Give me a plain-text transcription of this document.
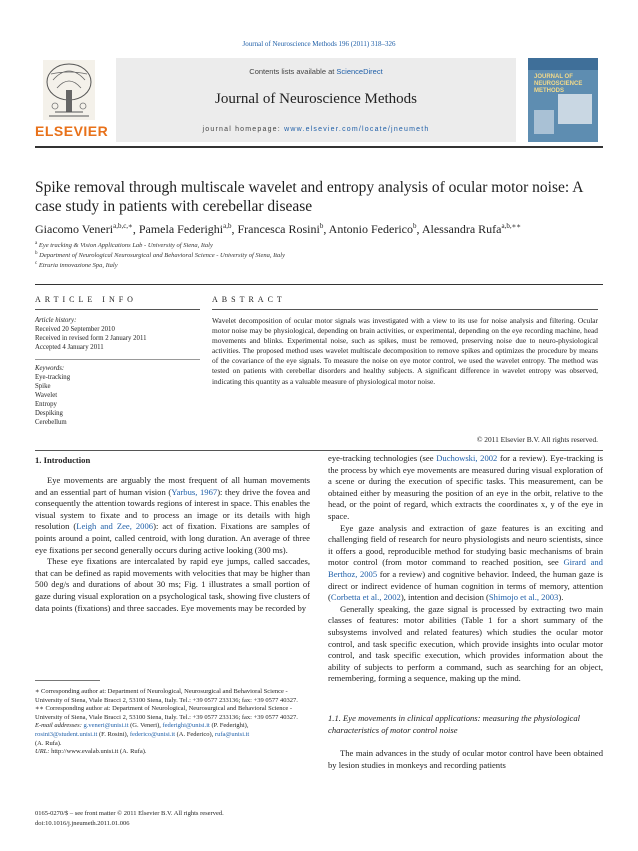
Journal of Neuroscience Methods 196 (2011) 318–326
ELSEVIER
Contents lists available at ScienceDirect
Journal of Neuroscience Methods
journal homepage: www.elsevier.com/locate/jneumeth
JOURNAL OF NEUROSCIENCE METHODS
Spike removal through multiscale wavelet and entropy analysis of ocular motor noise: A case study in patients with cerebellar disease
Giacomo Veneri$^{a,b,c,∗}$, Pamela Federighi$^{a,b}$, Francesca Rosini$^b$, Antonio Federico$^b$, Alessandra Rufa$^{a,b,∗∗}$
$^a$ Eye tracking & Vision Applications Lab - University of Siena, Italy
$^b$ Department of Neurological Neurosurgical and Behavioral Science - University of Siena, Italy
$^c$ Etruria innovazione Spa, Italy
ARTICLE INFO	ABSTRACT
Article history:
Received 20 September 2010
Received in revised form 2 January 2011
Accepted 4 January 2011
Keywords:
Eye-tracking
Spike
Wavelet
Entropy
Despiking
Cerebellum
Wavelet decomposition of ocular motor signals was investigated with a view to its use for noise analysis and filtering. Ocular motor noise may be physiological, depending on brain activities, or experimental, depending on the eye recording machine, head movements and blinks. Experimental noise, such as spikes, must be removed, preserving noise due to neuro-physiological activities. The proposed method uses wavelet multiscale decomposition to remove spikes and optimizes the procedure by means of the covariance of the eye signals. To measure the noise on eye motor control, we used the wavelet entropy. The method was tested on patients with cerebellar disorders and healthy subjects. A significant difference in wavelet entropy was observed, indicating this quantity as a valuable measure of physiological motor noise.
© 2011 Elsevier B.V. All rights reserved.
1. Introduction

Eye movements are arguably the most frequent of all human movements and an essential part of human vision (Yarbus, 1967): they drive the fovea and consequently the attention towards regions of interest in space. This enables the visual system to fixate and to process an image or its details with high resolution (Leigh and Zee, 2006): act of fixation. Fixations are samples of points around a point, called centroid, with long duration. An average of three eye fixations per second generally occurs during active looking (300 ms).

These eye fixations are intercalated by rapid eye jumps, called saccades, that can be defined as rapid movements with velocities that may be higher than 500 deg/s and durations of about 30 ms; Fig. 1 illustrates a small portion of gaze during visual exploration on a psychological task, showing five clusters of data points (fixations) and three saccades. Eye movements may be recorded by

∗ Corresponding author at: Department of Neurological, Neurosurgical and Behavioral Science - University of Siena, Viale Bracci 2, 53100 Siena, Italy. Tel.: +39 0577 233136; fax: +39 0577 40327.

∗∗ Corresponding author at: Department of Neurological, Neurosurgical and Behavioral Science - University of Siena, Viale Bracci 2, 53100 Siena, Italy. Tel.: +39 0577 233136; fax: +39 0577 40327.

E-mail addresses: g.veneri@unisi.it (G. Veneri), federighi@unisi.it (P. Federighi),
rosini3@student.unisi.it (F. Rosini), federico@unisi.it (A. Federico), rufa@unisi.it
(A. Rufa).

URL: http://www.evalab.unisi.it (A. Rufa).

0165-0270/$ – see front matter © 2011 Elsevier B.V. All rights reserved.
doi:10.1016/j.jneumeth.2011.01.006

eye-tracking technologies (see Duchowski, 2002 for a review). Eye-tracking is the process by which eye movements are measured during visual exploration of a scene or during the execution of specific tasks. This measurement, can be obtained either by measuring the position of an eye in the orbit, relative to the head, or the point of regard, which extracts the coordinates x, y of the eye in space.

Eye gaze analysis and extraction of gaze features is an exciting and challenging field of research for neuro physiologists and neuro scientists, since it offers a good, reproducible method for studying basic mechanisms of brain motor control (from motor command to reached position, see Girard and Berthoz, 2005 for a review) and cognitive behavior. Indeed, the human gaze is direct or indirect evidence of human cognition in terms of memory, attention (Corbetta et al., 2002), intention and decision (Shimojo et al., 2003).

Generally speaking, the gaze signal is processed by extracting two main classes of features: motor abilities (Table 1 for a short summary of the subsystems involved and related features) which studies the ocular motor control, and task specific execution, which provide insights into ocular motor control, and task specific execution, which provides information about the ability of subjects to perform a command, such as searching for an object, remembering, forming a sequence, making up the mind.

1.1. Eye movements in clinical applications: measuring the physiological characteristics of motor control noise

The main advances in the study of ocular motor control have been obtained by lesion studies in monkeys and recording patients
